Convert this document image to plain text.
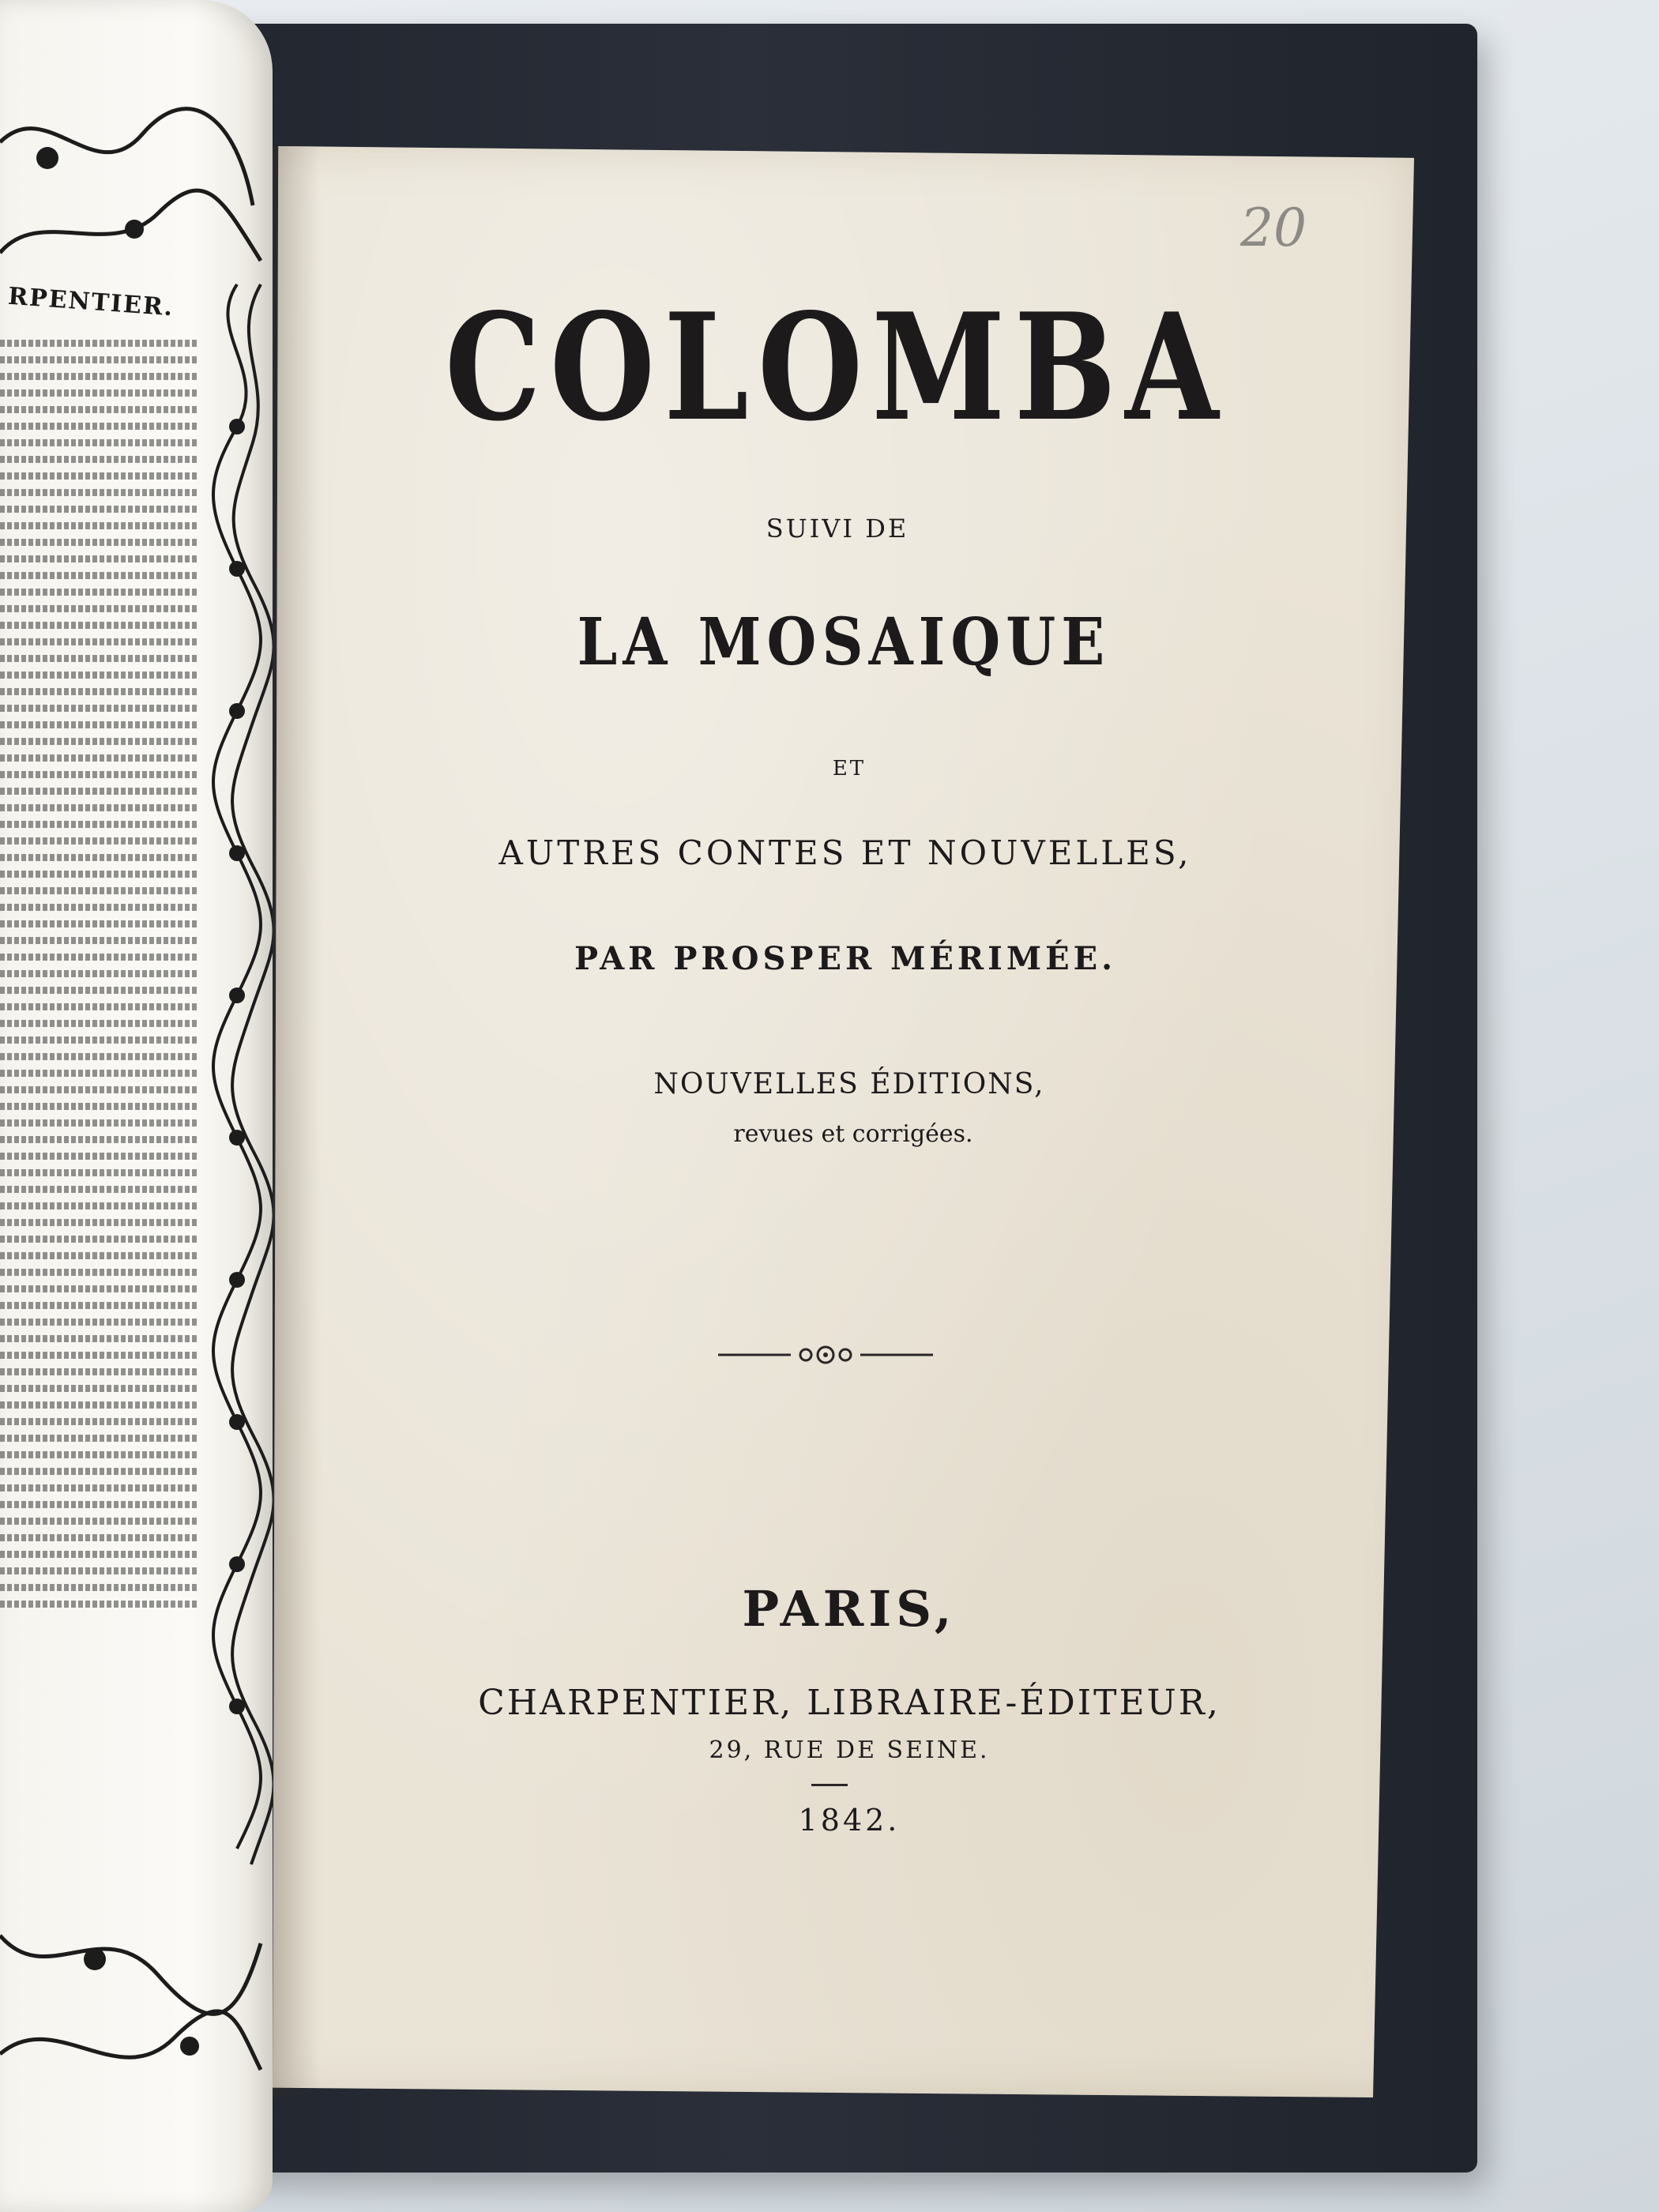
RPENTIER.
20
COLOMBA
SUIVI DE
LA MOSAIQUE
ET
AUTRES CONTES ET NOUVELLES,
PAR PROSPER MÉRIMÉE.
NOUVELLES ÉDITIONS,
revues et corrigées.
PARIS,
CHARPENTIER, LIBRAIRE-ÉDITEUR,
29, RUE DE SEINE.
1842.
